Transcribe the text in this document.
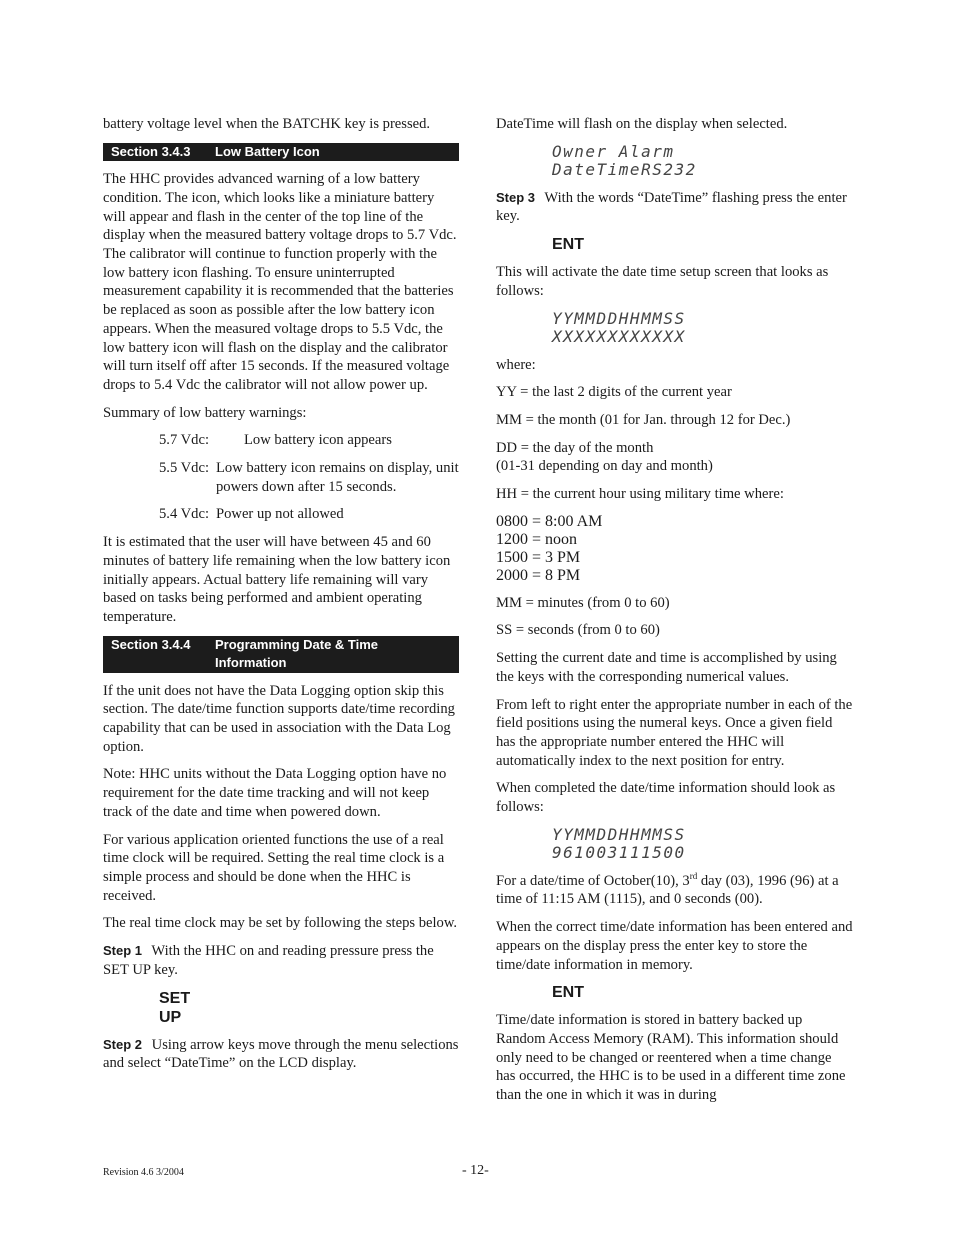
battery voltage level when the BATCHK key is pressed.

Section 3.4.3	Low Battery Icon

The HHC provides advanced warning of a low battery condition. The icon, which looks like a miniature battery will appear and flash in the center of the top line of the display when the measured battery voltage drops to 5.7 Vdc. The calibrator will continue to function properly with the low battery icon flashing. To ensure uninterrupted measurement capability it is recommended that the batteries be replaced as soon as possible after the low battery icon appears. When the measured voltage drops to 5.5 Vdc, the low battery icon will flash on the display and the calibrator will turn itself off after 15 seconds. If the measured voltage drops to 5.4 Vdc the calibrator will not allow power up.

Summary of low battery warnings:

5.7 Vdc:	Low battery icon appears
5.5 Vdc: Low battery icon remains on display, unit powers down after 15 seconds.
5.4 Vdc: Power up not allowed

It is estimated that the user will have between 45 and 60 minutes of battery life remaining when the low battery icon initially appears. Actual battery life remaining will vary based on tasks being performed and ambient operating temperature.

Section 3.4.4	Programming Date & Time Information

If the unit does not have the Data Logging option skip this section. The date/time function supports date/time recording capability that can be used in association with the Data Log option.

Note: HHC units without the Data Logging option have no requirement for the date time tracking and will not keep track of the date and time when powered down.

For various application oriented functions the use of a real time clock will be required. Setting the real time clock is a simple process and should be done when the HHC is received.

The real time clock may be set by following the steps below.

Step 1 With the HHC on and reading pressure press the SET UP key.

SET
UP

Step 2 Using arrow keys move through the menu selections and select “DateTime” on the LCD display.

DateTime will flash on the display when selected.

Owner Alarm
DateTimeRS232

Step 3 With the words “DateTime” flashing press the enter key.

ENT

This will activate the date time setup screen that looks as follows:

YYMMDDHHMMSS
XXXXXXXXXXXX

where:

YY = the last 2 digits of the current year

MM = the month (01 for Jan. through 12 for Dec.)

DD = the day of the month
(01-31 depending on day and month)

HH = the current hour using military time where:

0800 = 8:00 AM
1200 = noon
1500 = 3 PM
2000 = 8 PM

MM = minutes (from 0 to 60)

SS = seconds (from 0 to 60)

Setting the current date and time is accomplished by using the keys with the corresponding numerical values.

From left to right enter the appropriate number in each of the field positions using the numeral keys. Once a given field has the appropriate number entered the HHC will automatically index to the next position for entry.

When completed the date/time information should look as follows:

YYMMDDHHMMSS
961003111500

For a date/time of October(10), 3rd day (03), 1996 (96) at a time of 11:15 AM (1115), and 0 seconds (00).

When the correct time/date information has been entered and appears on the display press the enter key to store the time/date information in memory.

ENT

Time/date information is stored in battery backed up Random Access Memory (RAM). This information should only need to be changed or reentered when a time change has occurred, the HHC is to be used in a different time zone than the one in which it was in during

Revision 4.6 3/2004	- 12-
